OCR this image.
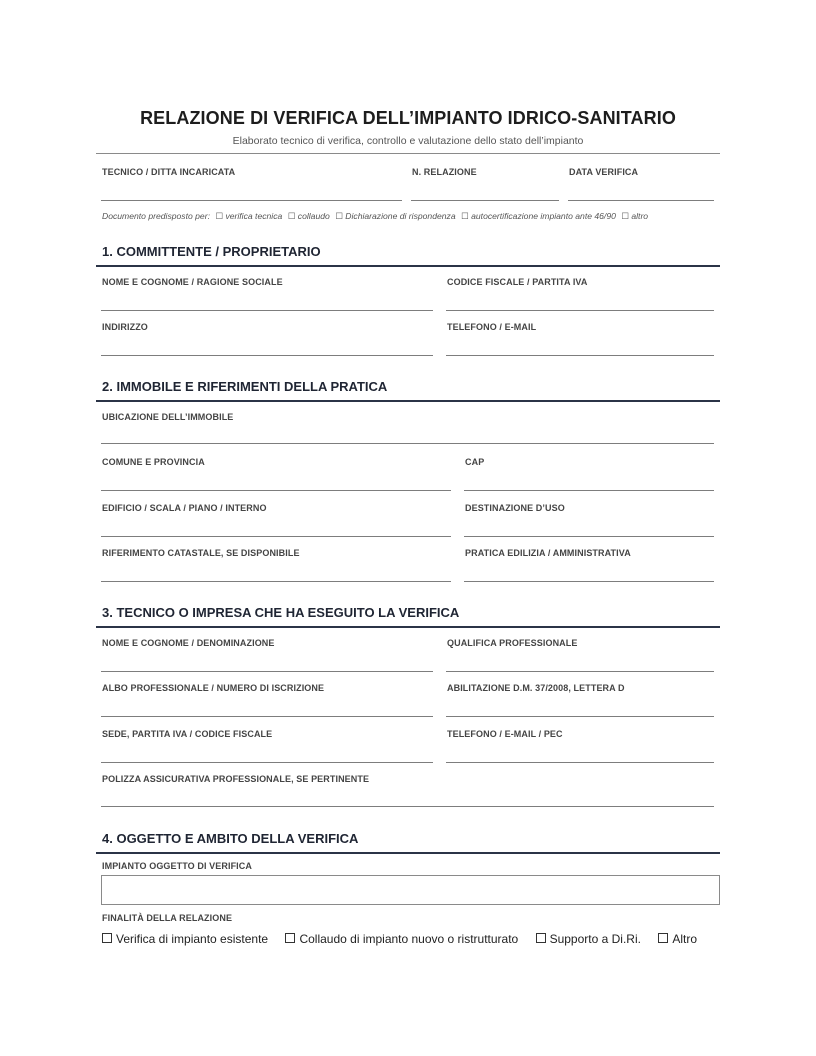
RELAZIONE DI VERIFICA DELL’IMPIANTO IDRICO-SANITARIO
Elaborato tecnico di verifica, controllo e valutazione dello stato dell’impianto
TECNICO / DITTA INCARICATA	N. RELAZIONE	DATA VERIFICA
Documento predisposto per: ☐ verifica tecnica ☐ collaudo ☐ Dichiarazione di rispondenza ☐ autocertificazione impianto ante 46/90 ☐ altro
1. COMMITTENTE / PROPRIETARIO
NOME E COGNOME / RAGIONE SOCIALE	CODICE FISCALE / PARTITA IVA
INDIRIZZO	TELEFONO / E-MAIL
2. IMMOBILE E RIFERIMENTI DELLA PRATICA
UBICAZIONE DELL’IMMOBILE
COMUNE E PROVINCIA	CAP
EDIFICIO / SCALA / PIANO / INTERNO	DESTINAZIONE D’USO
RIFERIMENTO CATASTALE, SE DISPONIBILE	PRATICA EDILIZIA / AMMINISTRATIVA
3. TECNICO O IMPRESA CHE HA ESEGUITO LA VERIFICA
NOME E COGNOME / DENOMINAZIONE	QUALIFICA PROFESSIONALE
ALBO PROFESSIONALE / NUMERO DI ISCRIZIONE	ABILITAZIONE D.M. 37/2008, LETTERA D
SEDE, PARTITA IVA / CODICE FISCALE	TELEFONO / E-MAIL / PEC
POLIZZA ASSICURATIVA PROFESSIONALE, SE PERTINENTE
4. OGGETTO E AMBITO DELLA VERIFICA
IMPIANTO OGGETTO DI VERIFICA
FINALITÀ DELLA RELAZIONE
Verifica di impianto esistente	Collaudo di impianto nuovo o ristrutturato	Supporto a Di.Ri.	Altro
